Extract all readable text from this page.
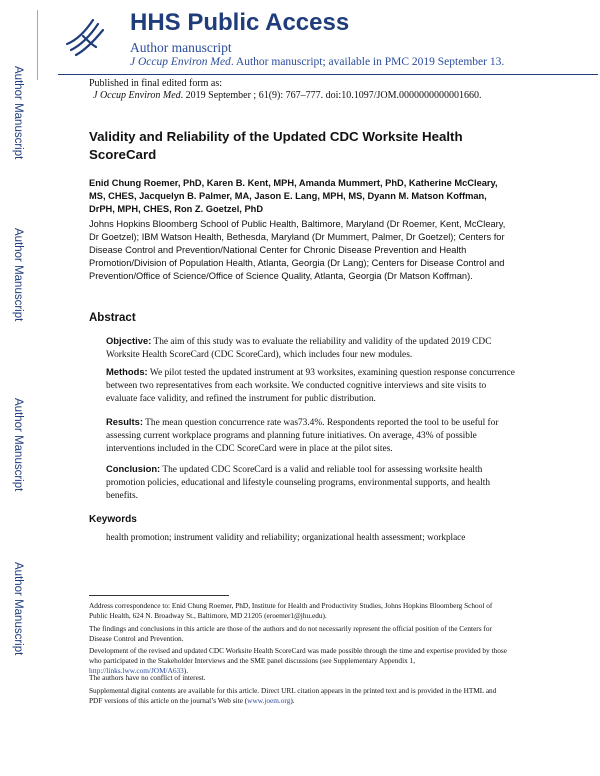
Author Manuscript
Author Manuscript
Author Manuscript
Author Manuscript
HHS Public Access
Author manuscript
J Occup Environ Med. Author manuscript; available in PMC 2019 September 13.
Published in final edited form as:
J Occup Environ Med. 2019 September ; 61(9): 767–777. doi:10.1097/JOM.0000000000001660.
Validity and Reliability of the Updated CDC Worksite Health ScoreCard
Enid Chung Roemer, PhD, Karen B. Kent, MPH, Amanda Mummert, PhD, Katherine McCleary, MS, CHES, Jacquelyn B. Palmer, MA, Jason E. Lang, MPH, MS, Dyann M. Matson Koffman, DrPH, MPH, CHES, Ron Z. Goetzel, PhD
Johns Hopkins Bloomberg School of Public Health, Baltimore, Maryland (Dr Roemer, Kent, McCleary, Dr Goetzel); IBM Watson Health, Bethesda, Maryland (Dr Mummert, Palmer, Dr Goetzel); Centers for Disease Control and Prevention/National Center for Chronic Disease Prevention and Health Promotion/Division of Population Health, Atlanta, Georgia (Dr Lang); Centers for Disease Control and Prevention/Office of Science/Office of Science Quality, Atlanta, Georgia (Dr Matson Koffman).
Abstract
Objective: The aim of this study was to evaluate the reliability and validity of the updated 2019 CDC Worksite Health ScoreCard (CDC ScoreCard), which includes four new modules.
Methods: We pilot tested the updated instrument at 93 worksites, examining question response concurrence between two representatives from each worksite. We conducted cognitive interviews and site visits to evaluate face validity, and refined the instrument for public distribution.
Results: The mean question concurrence rate was73.4%. Respondents reported the tool to be useful for assessing current workplace programs and planning future initiatives. On average, 43% of possible interventions included in the CDC ScoreCard were in place at the pilot sites.
Conclusion: The updated CDC ScoreCard is a valid and reliable tool for assessing worksite health promotion policies, educational and lifestyle counseling programs, environmental supports, and health benefits.
Keywords
health promotion; instrument validity and reliability; organizational health assessment; workplace
Address correspondence to: Enid Chung Roemer, PhD, Institute for Health and Productivity Studies, Johns Hopkins Bloomberg School of Public Health, 624 N. Broadway St., Baltimore, MD 21205 (eroemer1@jhu.edu).
The findings and conclusions in this article are those of the authors and do not necessarily represent the official position of the Centers for Disease Control and Prevention.
Development of the revised and updated CDC Worksite Health ScoreCard was made possible through the time and expertise provided by those who participated in the Stakeholder Interviews and the SME panel discussions (see Supplementary Appendix 1, http://links.lww.com/JOM/A633).
The authors have no conflict of interest.
Supplemental digital contents are available for this article. Direct URL citation appears in the printed text and is provided in the HTML and PDF versions of this article on the journal’s Web site (www.joem.org).
